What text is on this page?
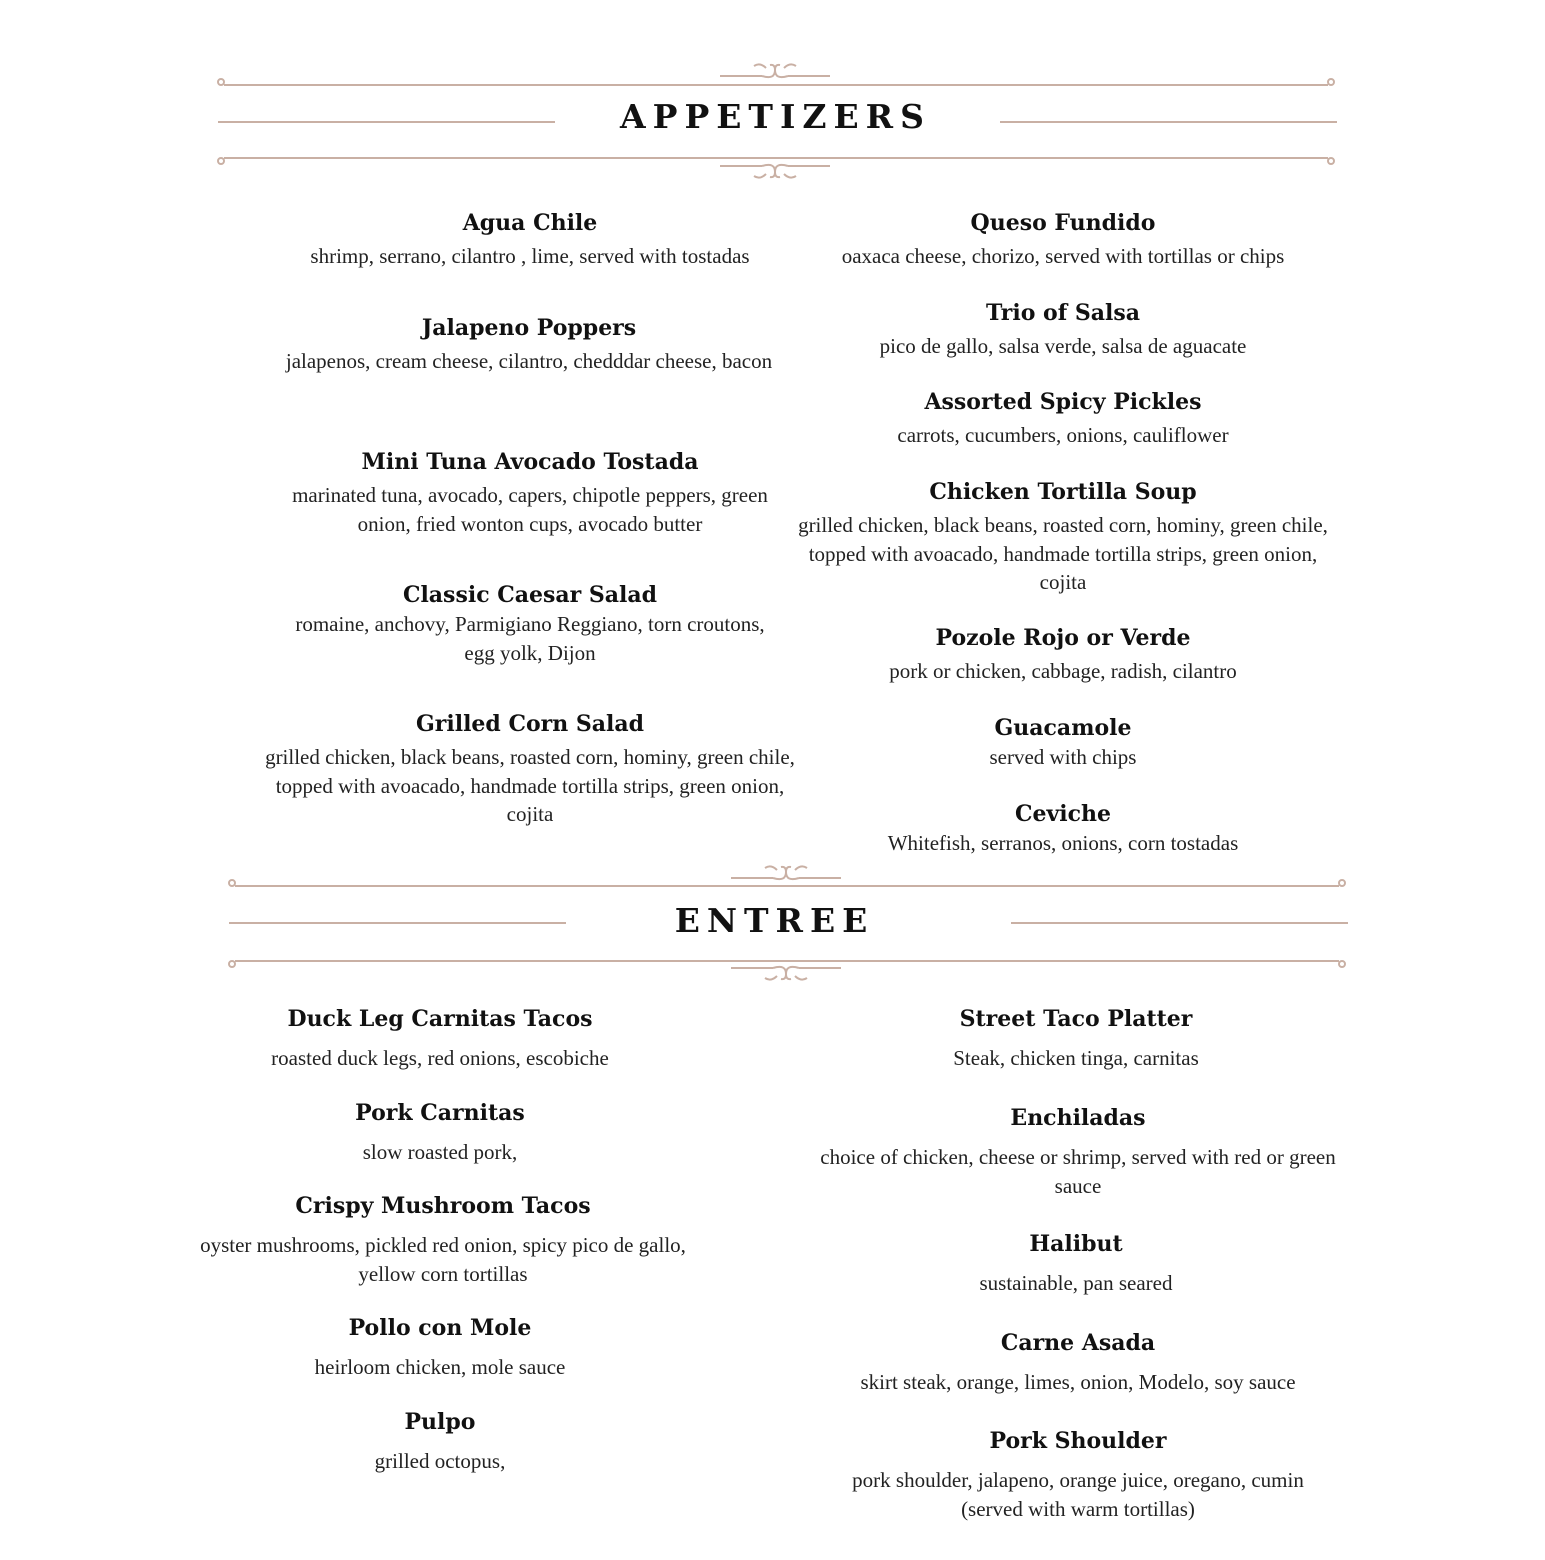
APPETIZERS
Agua Chile
shrimp, serrano, cilantro , lime, served with tostadas
Jalapeno Poppers
jalapenos, cream cheese, cilantro, chedddar cheese, bacon
Mini Tuna Avocado Tostada
marinated tuna, avocado, capers, chipotle peppers, green onion, fried wonton cups, avocado butter
Classic Caesar Salad
romaine, anchovy, Parmigiano Reggiano, torn croutons, egg yolk, Dijon
Grilled Corn Salad
grilled chicken, black beans, roasted corn, hominy, green chile, topped with avoacado, handmade tortilla strips, green onion, cojita
Queso Fundido
oaxaca cheese, chorizo, served with tortillas or chips
Trio of Salsa
pico de gallo, salsa verde, salsa de aguacate
Assorted Spicy Pickles
carrots, cucumbers, onions, cauliflower
Chicken Tortilla Soup
grilled chicken, black beans, roasted corn, hominy, green chile, topped with avoacado, handmade tortilla strips, green onion, cojita
Pozole Rojo or Verde
pork or chicken, cabbage, radish, cilantro
Guacamole
served with chips
Ceviche
Whitefish, serranos, onions, corn tostadas
ENTREE
Duck Leg Carnitas Tacos
roasted duck legs, red onions, escobiche
Pork Carnitas
slow roasted pork,
Crispy Mushroom Tacos
oyster mushrooms, pickled red onion, spicy pico de gallo, yellow corn tortillas
Pollo con Mole
heirloom chicken, mole sauce
Pulpo
grilled octopus,
Street Taco Platter
Steak, chicken tinga, carnitas
Enchiladas
choice of chicken, cheese or shrimp, served with red or green sauce
Halibut
sustainable, pan seared
Carne Asada
skirt steak, orange, limes, onion, Modelo, soy sauce
Pork Shoulder
pork shoulder, jalapeno, orange juice, oregano, cumin (served with warm tortillas)
